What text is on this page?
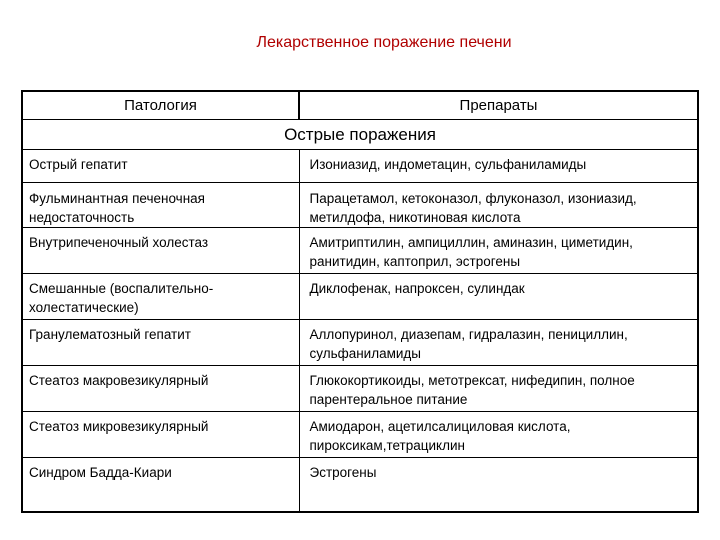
Лекарственное поражение печени
Патология	Препараты
Острые поражения	
Острый гепатит	Изониазид, индометацин, сульфаниламиды
Фульминантная печеночная недостаточность	Парацетамол, кетоконазол, флуконазол, изониазид, метилдофа, никотиновая кислота
Внутрипеченочный холестаз	Амитриптилин, ампициллин, аминазин, циметидин, ранитидин, каптоприл, эстрогены
Смешанные (воспалительно-холестатические)	Диклофенак, напроксен, сулиндак
Гранулематозный гепатит	Аллопуринол, диазепам, гидралазин, пенициллин, сульфаниламиды
Стеатоз макровезикулярный	Глюкокортикоиды, метотрексат, нифедипин, полное парентеральное питание
Стеатоз микровезикулярный	Амиодарон, ацетилсалициловая кислота, пироксикам,тетрациклин
Синдром Бадда-Киари	Эстрогены
